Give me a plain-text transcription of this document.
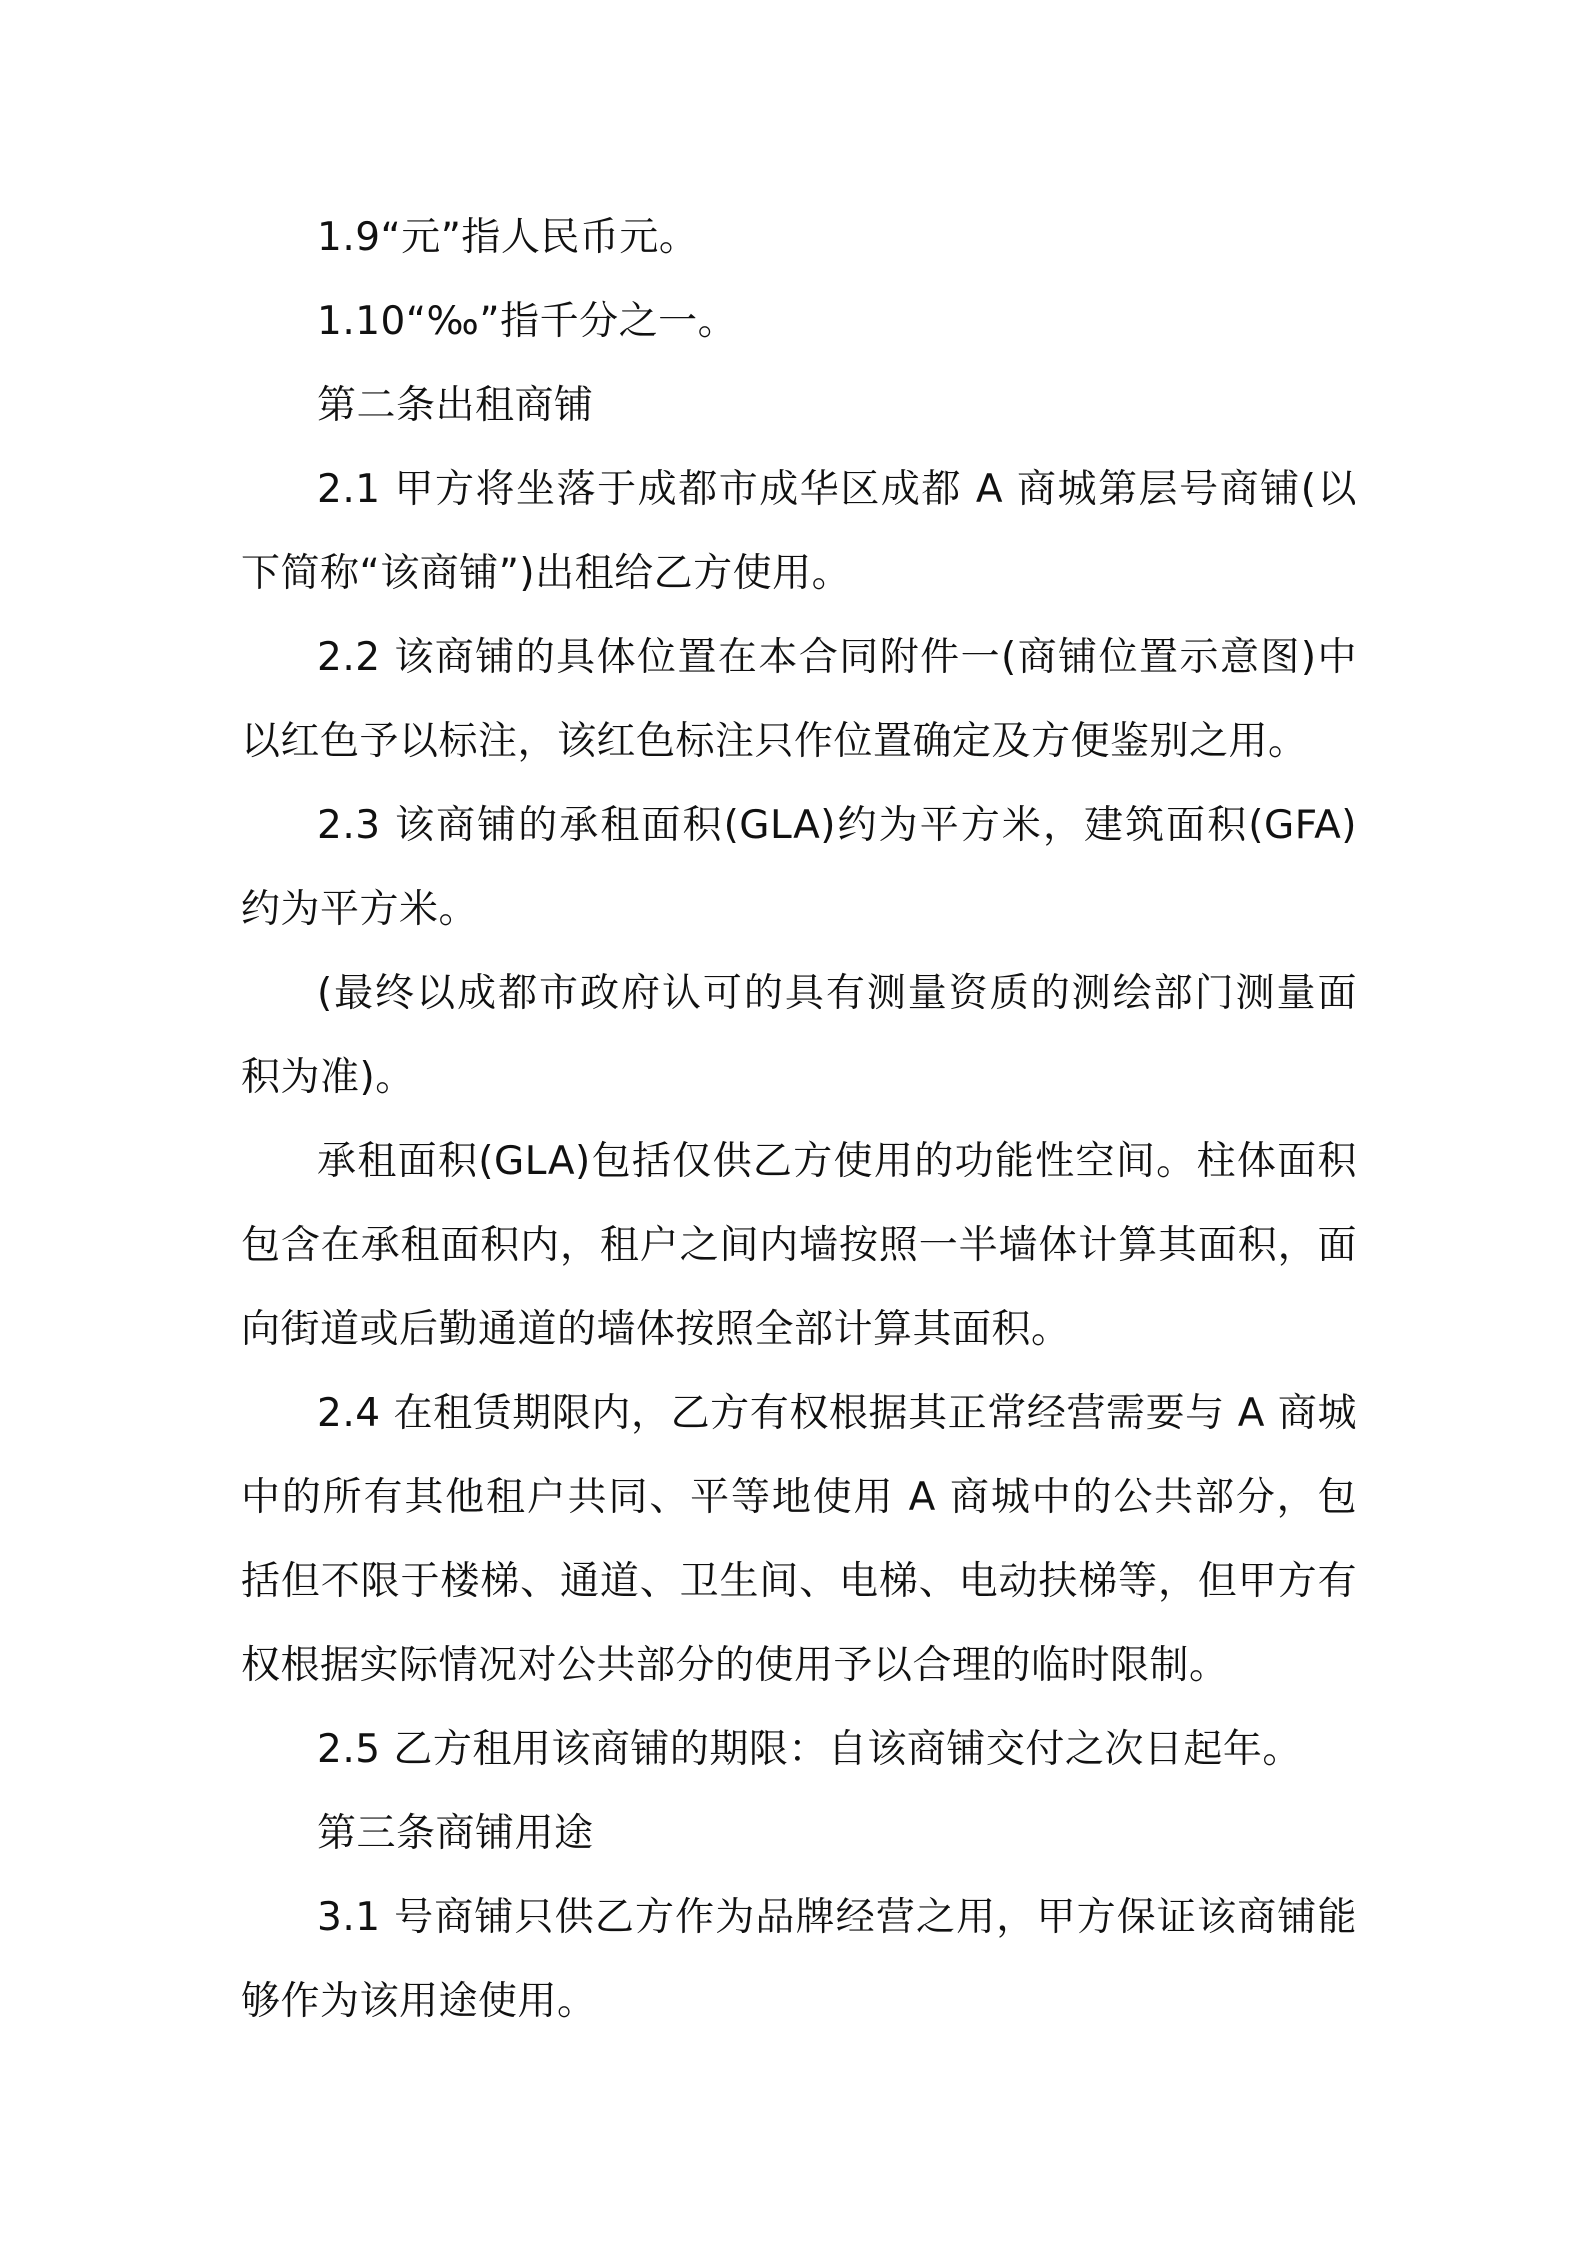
1.9“元”指人民币元。

1.10“‰”指千分之一。

第二条出租商铺

2.1 甲方将坐落于成都市成华区成都 A 商城第层号商铺(以下简称“该商铺”)出租给乙方使用。

2.2 该商铺的具体位置在本合同附件一(商铺位置示意图)中以红色予以标注，该红色标注只作位置确定及方便鉴别之用。

2.3 该商铺的承租面积(GLA)约为平方米，建筑面积(GFA)约为平方米。

(最终以成都市政府认可的具有测量资质的测绘部门测量面积为准)。

承租面积(GLA)包括仅供乙方使用的功能性空间。柱体面积包含在承租面积内，租户之间内墙按照一半墙体计算其面积，面向街道或后勤通道的墙体按照全部计算其面积。

2.4 在租赁期限内，乙方有权根据其正常经营需要与 A 商城中的所有其他租户共同、平等地使用 A 商城中的公共部分，包括但不限于楼梯、通道、卫生间、电梯、电动扶梯等，但甲方有权根据实际情况对公共部分的使用予以合理的临时限制。

2.5 乙方租用该商铺的期限：自该商铺交付之次日起年。

第三条商铺用途

3.1 号商铺只供乙方作为品牌经营之用，甲方保证该商铺能够作为该用途使用。
